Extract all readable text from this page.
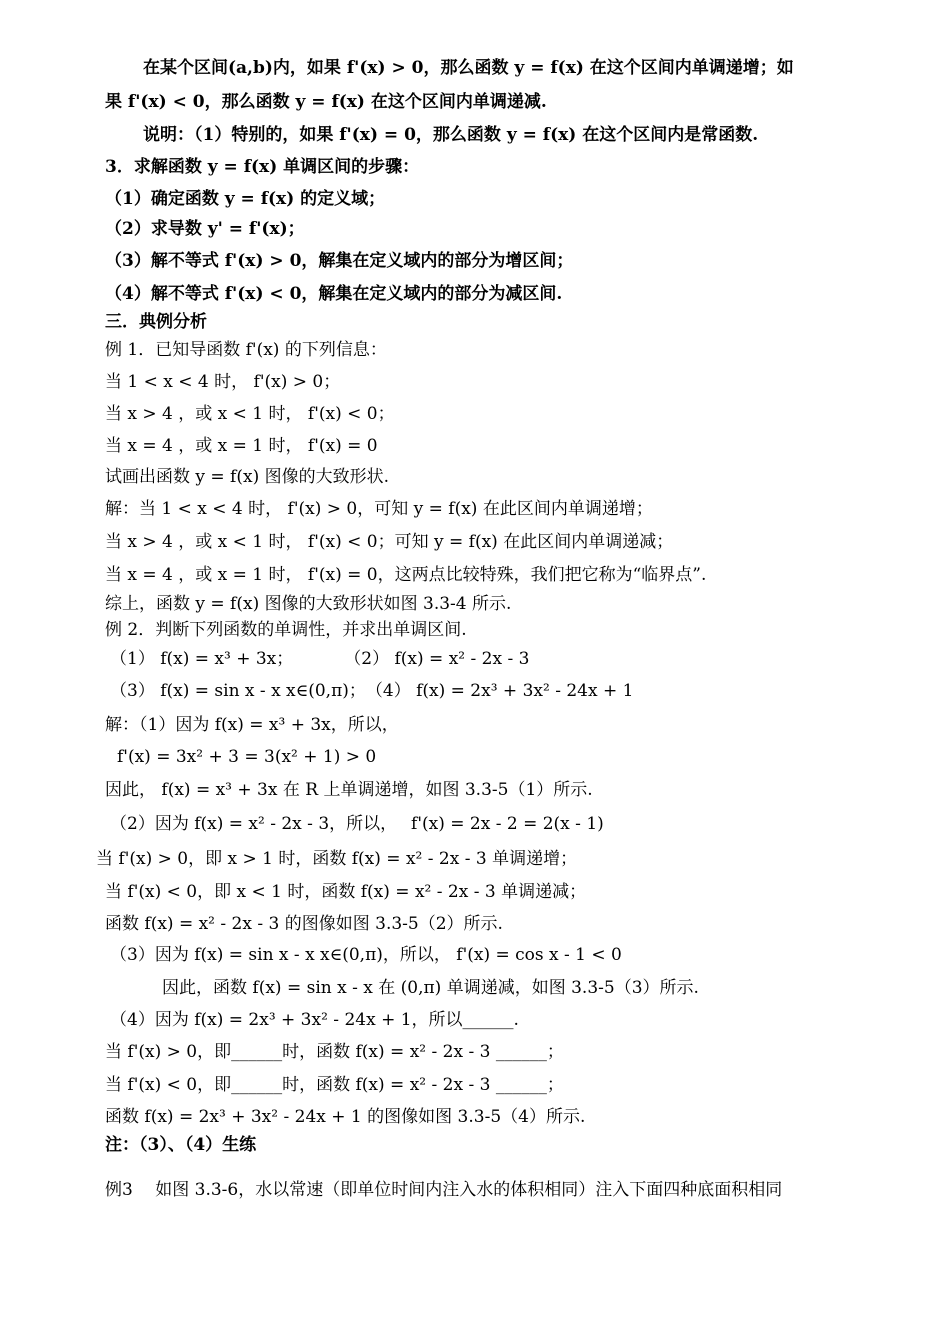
在某个区间(a,b)内，如果 f'(x) > 0，那么函数 y = f(x) 在这个区间内单调递增；如
果 f'(x) < 0，那么函数 y = f(x) 在这个区间内单调递减.
说明：（1）特别的，如果 f'(x) = 0，那么函数 y = f(x) 在这个区间内是常函数.
3．求解函数 y = f(x) 单调区间的步骤：
（1）确定函数 y = f(x) 的定义域；
（2）求导数 y' = f'(x)；
（3）解不等式 f'(x) > 0，解集在定义域内的部分为增区间；
（4）解不等式 f'(x) < 0，解集在定义域内的部分为减区间.
三．典例分析
例 1．已知导函数 f'(x) 的下列信息：
当 1 < x < 4 时， f'(x) > 0；
当 x > 4 ，或 x < 1 时， f'(x) < 0；
当 x = 4 ，或 x = 1 时， f'(x) = 0
试画出函数 y = f(x) 图像的大致形状.
解：当 1 < x < 4 时， f'(x) > 0，可知 y = f(x) 在此区间内单调递增；
当 x > 4 ，或 x < 1 时， f'(x) < 0；可知 y = f(x) 在此区间内单调递减；
当 x = 4 ，或 x = 1 时， f'(x) = 0，这两点比较特殊，我们把它称为“临界点”.
综上，函数 y = f(x) 图像的大致形状如图 3.3-4 所示.
例 2．判断下列函数的单调性，并求出单调区间.
（1） f(x) = x³ + 3x；　　　　（2） f(x) = x² - 2x - 3
（3） f(x) = sin x - x x∈(0,π)；　（4） f(x) = 2x³ + 3x² - 24x + 1
解：（1）因为 f(x) = x³ + 3x，所以，
f'(x) = 3x² + 3 = 3(x² + 1) > 0
因此， f(x) = x³ + 3x 在 R 上单调递增，如图 3.3-5（1）所示.
（2）因为 f(x) = x² - 2x - 3，所以，　 f'(x) = 2x - 2 = 2(x - 1)
当 f'(x) > 0，即 x > 1 时，函数 f(x) = x² - 2x - 3 单调递增；
当 f'(x) < 0，即 x < 1 时，函数 f(x) = x² - 2x - 3 单调递减；
函数 f(x) = x² - 2x - 3 的图像如图 3.3-5（2）所示.
（3）因为 f(x) = sin x - x x∈(0,π)，所以， f'(x) = cos x - 1 < 0
因此，函数 f(x) = sin x - x 在 (0,π) 单调递减，如图 3.3-5（3）所示.
（4）因为 f(x) = 2x³ + 3x² - 24x + 1，所以______.
当 f'(x) > 0，即______时，函数 f(x) = x² - 2x - 3 ______；
当 f'(x) < 0，即______时，函数 f(x) = x² - 2x - 3 ______；
函数 f(x) = 2x³ + 3x² - 24x + 1 的图像如图 3.3-5（4）所示.
注：（3）、（4）生练
例3　 如图 3.3-6，水以常速（即单位时间内注入水的体积相同）注入下面四种底面积相同
